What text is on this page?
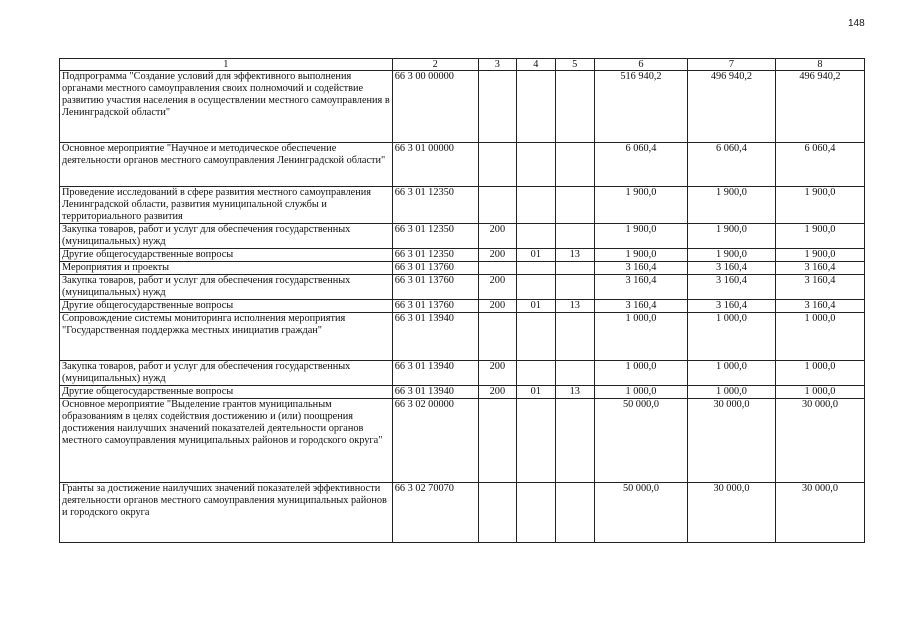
148
1	2	3	4	5	6	7	8
Подпрограмма "Создание условий для эффективного выполнения органами местного самоуправления своих полномочий и содействие развитию участия населения в осуществлении местного самоуправления в Ленинградской области"	66 3 00 00000				516 940,2	496 940,2	496 940,2
Основное мероприятие "Научное и методическое обеспечение деятельности органов местного самоуправления Ленинградской области"	66 3 01 00000				6 060,4	6 060,4	6 060,4
Проведение исследований в сфере развития местного самоуправления Ленинградской области, развития муниципальной службы и территориального развития	66 3 01 12350				1 900,0	1 900,0	1 900,0
Закупка товаров, работ и услуг для обеспечения государственных (муниципальных) нужд	66 3 01 12350	200			1 900,0	1 900,0	1 900,0
Другие общегосударственные вопросы	66 3 01 12350	200	01	13	1 900,0	1 900,0	1 900,0
Мероприятия и проекты	66 3 01 13760				3 160,4	3 160,4	3 160,4
Закупка товаров, работ и услуг для обеспечения государственных (муниципальных) нужд	66 3 01 13760	200			3 160,4	3 160,4	3 160,4
Другие общегосударственные вопросы	66 3 01 13760	200	01	13	3 160,4	3 160,4	3 160,4
Сопровождение системы мониторинга исполнения мероприятия "Государственная поддержка местных инициатив граждан"	66 3 01 13940				1 000,0	1 000,0	1 000,0
Закупка товаров, работ и услуг для обеспечения государственных (муниципальных) нужд	66 3 01 13940	200			1 000,0	1 000,0	1 000,0
Другие общегосударственные вопросы	66 3 01 13940	200	01	13	1 000,0	1 000,0	1 000,0
Основное мероприятие "Выделение грантов муниципальным образованиям в целях содействия достижению и (или) поощрения достижения наилучших значений показателей деятельности органов местного самоуправления муниципальных районов и городского округа"	66 3 02 00000				50 000,0	30 000,0	30 000,0
Гранты за достижение наилучших значений показателей эффективности деятельности органов местного самоуправления муниципальных районов и городского округа	66 3 02 70070				50 000,0	30 000,0	30 000,0
